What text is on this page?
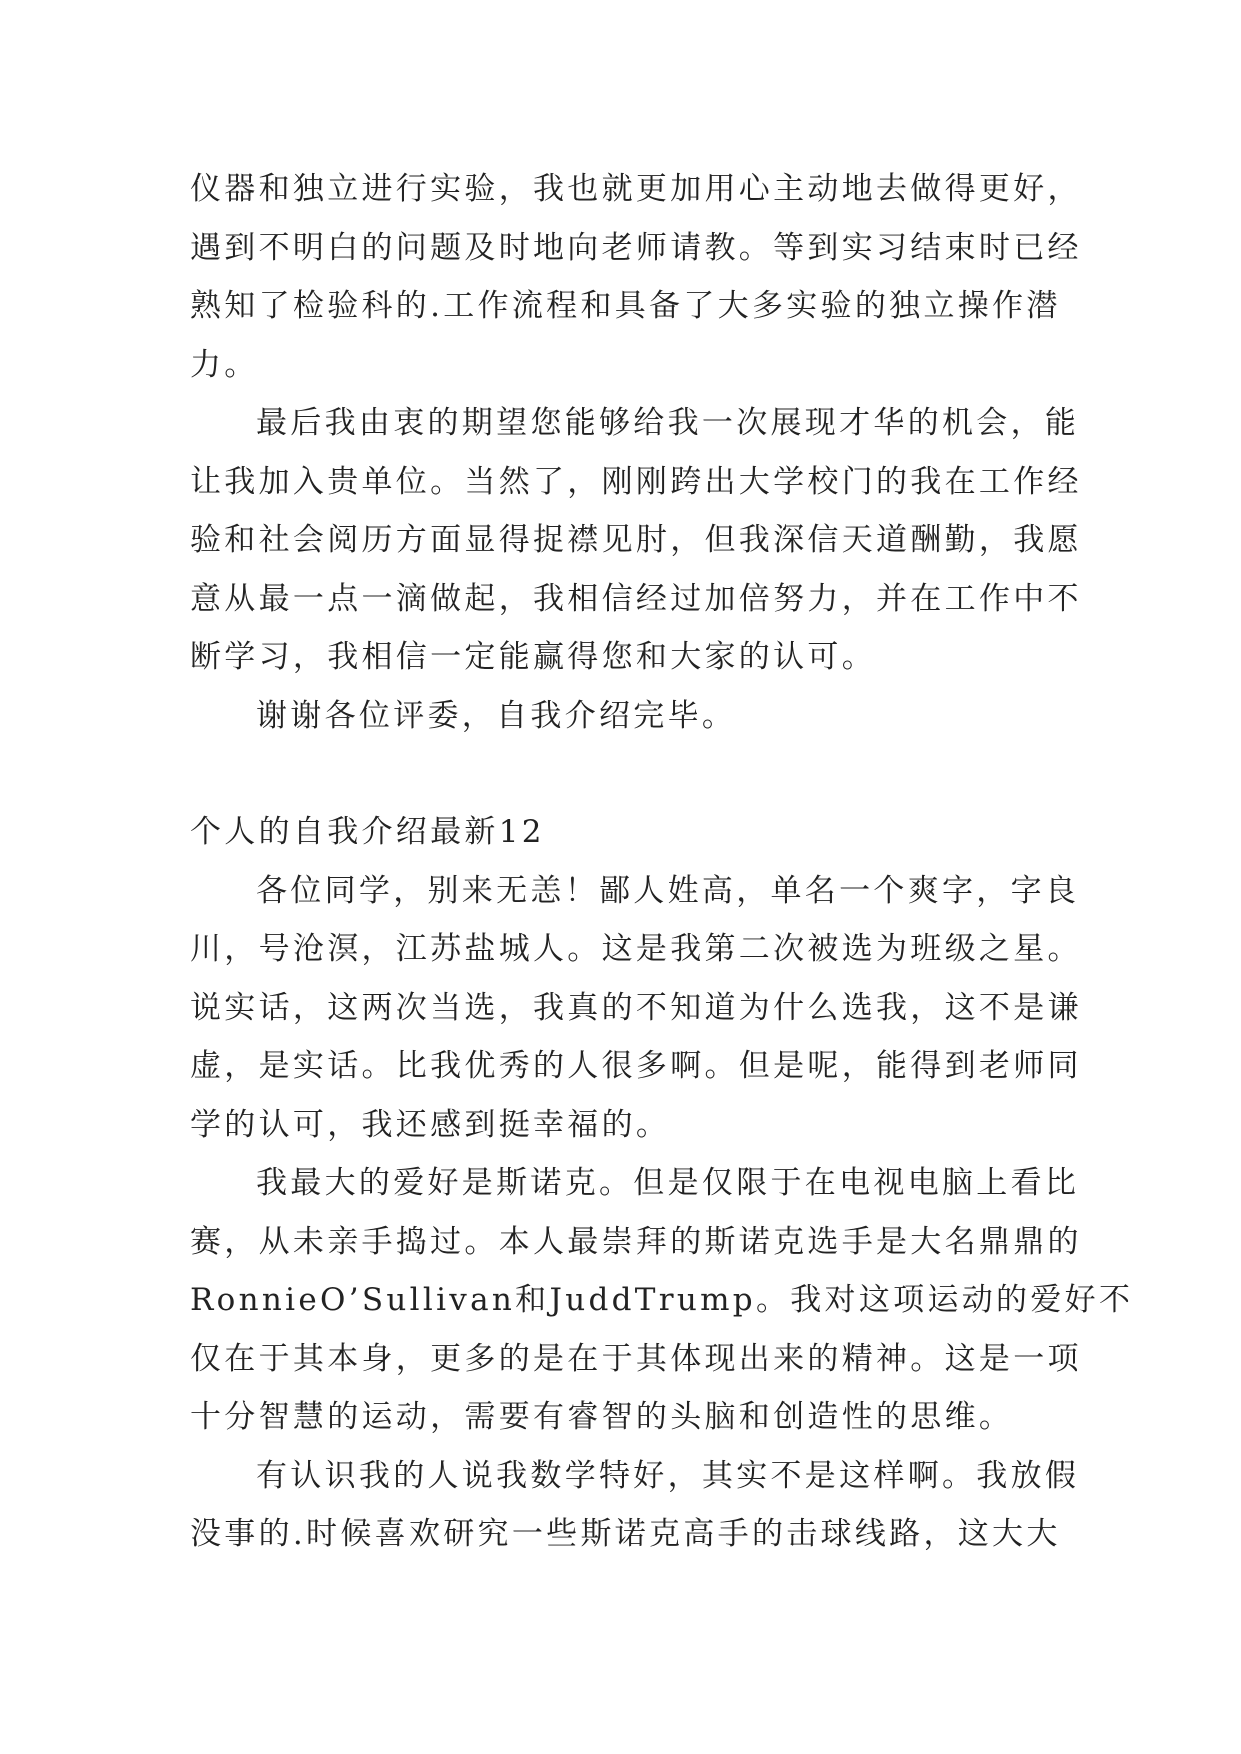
仪器和独立进行实验，我也就更加用心主动地去做得更好，
遇到不明白的问题及时地向老师请教。等到实习结束时已经
熟知了检验科的.工作流程和具备了大多实验的独立操作潜
力。
最后我由衷的期望您能够给我一次展现才华的机会，能
让我加入贵单位。当然了，刚刚跨出大学校门的我在工作经
验和社会阅历方面显得捉襟见肘，但我深信天道酬勤，我愿
意从最一点一滴做起，我相信经过加倍努力，并在工作中不
断学习，我相信一定能赢得您和大家的认可。
谢谢各位评委，自我介绍完毕。
个人的自我介绍最新12
各位同学，别来无恙！鄙人姓高，单名一个爽字，字良
川，号沧溟，江苏盐城人。这是我第二次被选为班级之星。
说实话，这两次当选，我真的不知道为什么选我，这不是谦
虚，是实话。比我优秀的人很多啊。但是呢，能得到老师同
学的认可，我还感到挺幸福的。
我最大的爱好是斯诺克。但是仅限于在电视电脑上看比
赛，从未亲手捣过。本人最崇拜的斯诺克选手是大名鼎鼎的
RonnieO’Sullivan和JuddTrump。我对这项运动的爱好不
仅在于其本身，更多的是在于其体现出来的精神。这是一项
十分智慧的运动，需要有睿智的头脑和创造性的思维。
有认识我的人说我数学特好，其实不是这样啊。我放假
没事的.时候喜欢研究一些斯诺克高手的击球线路，这大大
